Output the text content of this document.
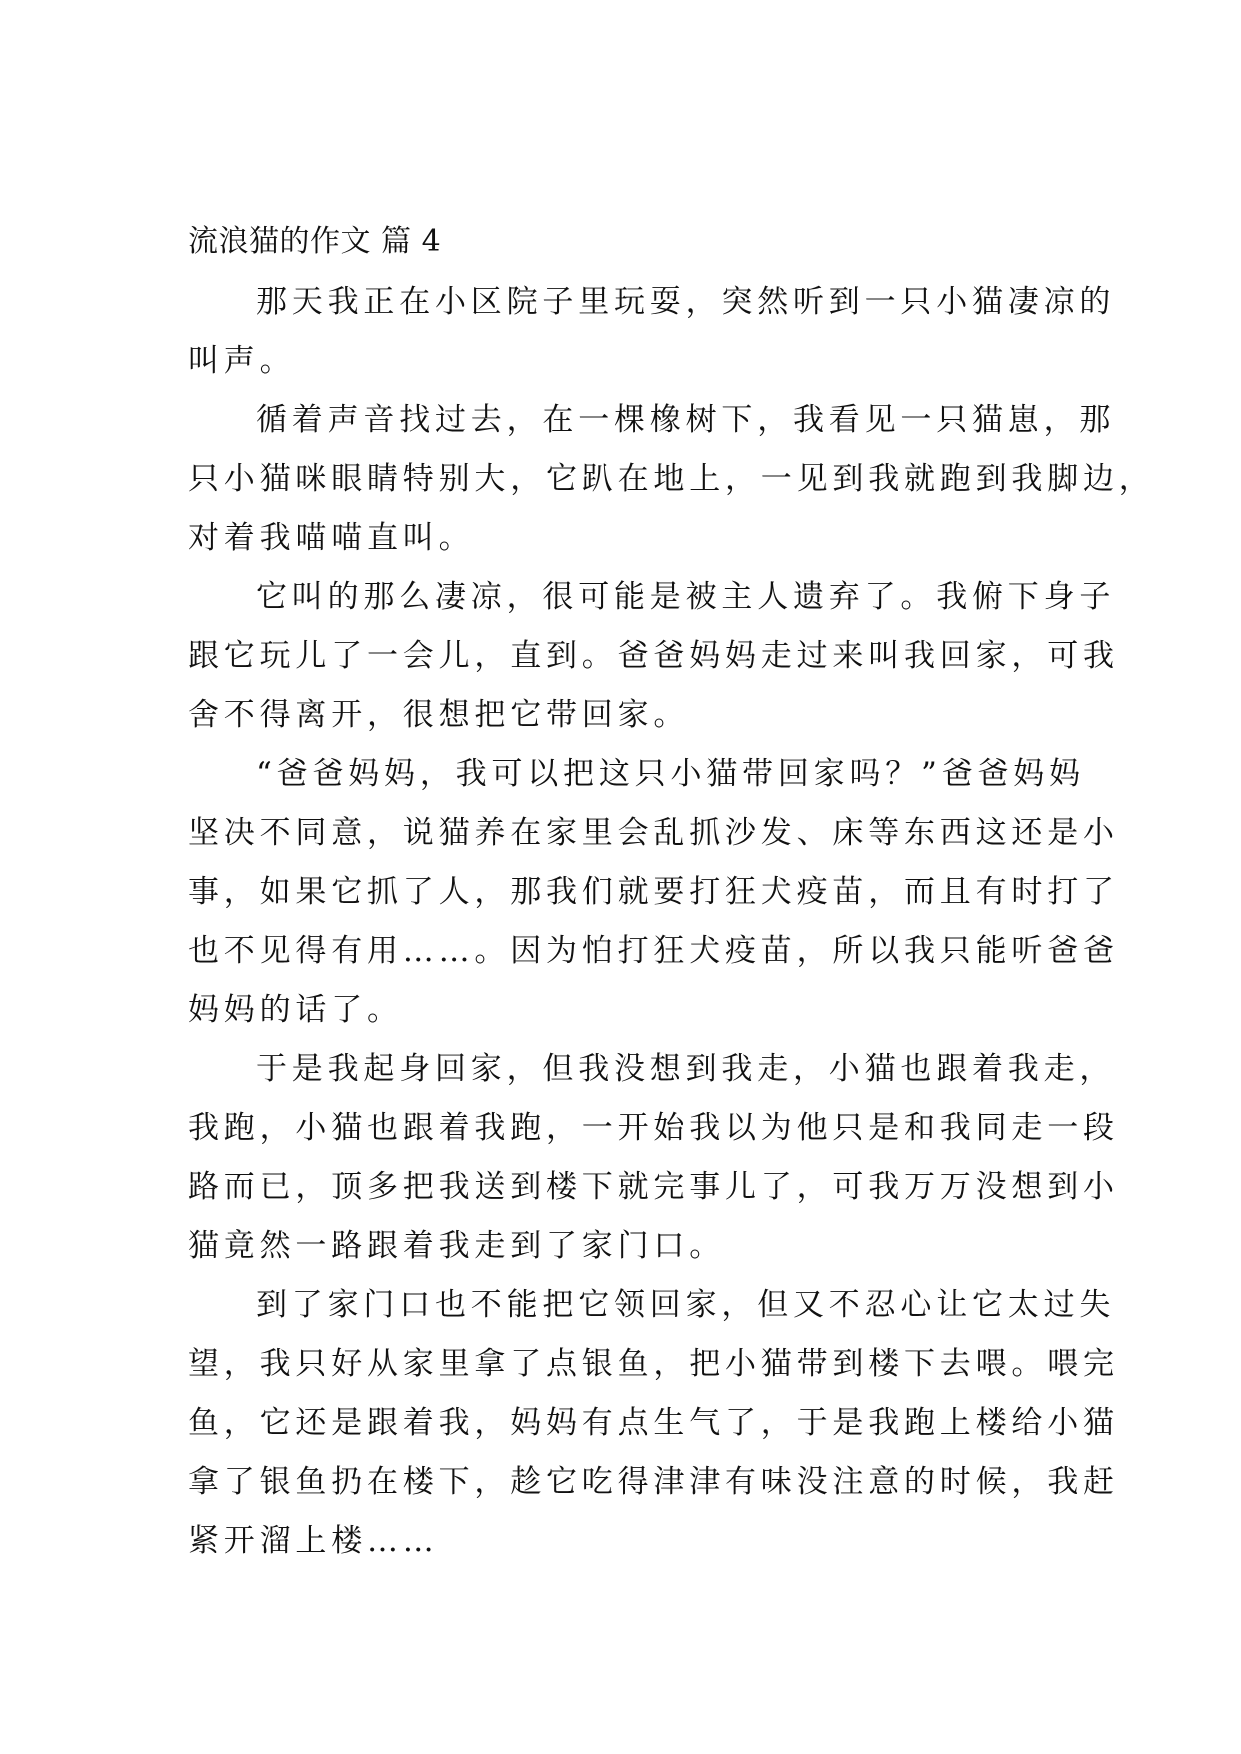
流浪猫的作文 篇 4
那天我正在小区院子里玩耍，突然听到一只小猫凄凉的
叫声。
循着声音找过去，在一棵橡树下，我看见一只猫崽，那
只小猫咪眼睛特别大，它趴在地上，一见到我就跑到我脚边，
对着我喵喵直叫。
它叫的那么凄凉，很可能是被主人遗弃了。我俯下身子
跟它玩儿了一会儿，直到。爸爸妈妈走过来叫我回家，可我
舍不得离开，很想把它带回家。
“爸爸妈妈，我可以把这只小猫带回家吗？”爸爸妈妈
坚决不同意，说猫养在家里会乱抓沙发、床等东西这还是小
事，如果它抓了人，那我们就要打狂犬疫苗，而且有时打了
也不见得有用……。因为怕打狂犬疫苗，所以我只能听爸爸
妈妈的话了。
于是我起身回家，但我没想到我走，小猫也跟着我走，
我跑，小猫也跟着我跑，一开始我以为他只是和我同走一段
路而已，顶多把我送到楼下就完事儿了，可我万万没想到小
猫竟然一路跟着我走到了家门口。
到了家门口也不能把它领回家，但又不忍心让它太过失
望，我只好从家里拿了点银鱼，把小猫带到楼下去喂。喂完
鱼，它还是跟着我，妈妈有点生气了，于是我跑上楼给小猫
拿了银鱼扔在楼下，趁它吃得津津有味没注意的时候，我赶
紧开溜上楼……
